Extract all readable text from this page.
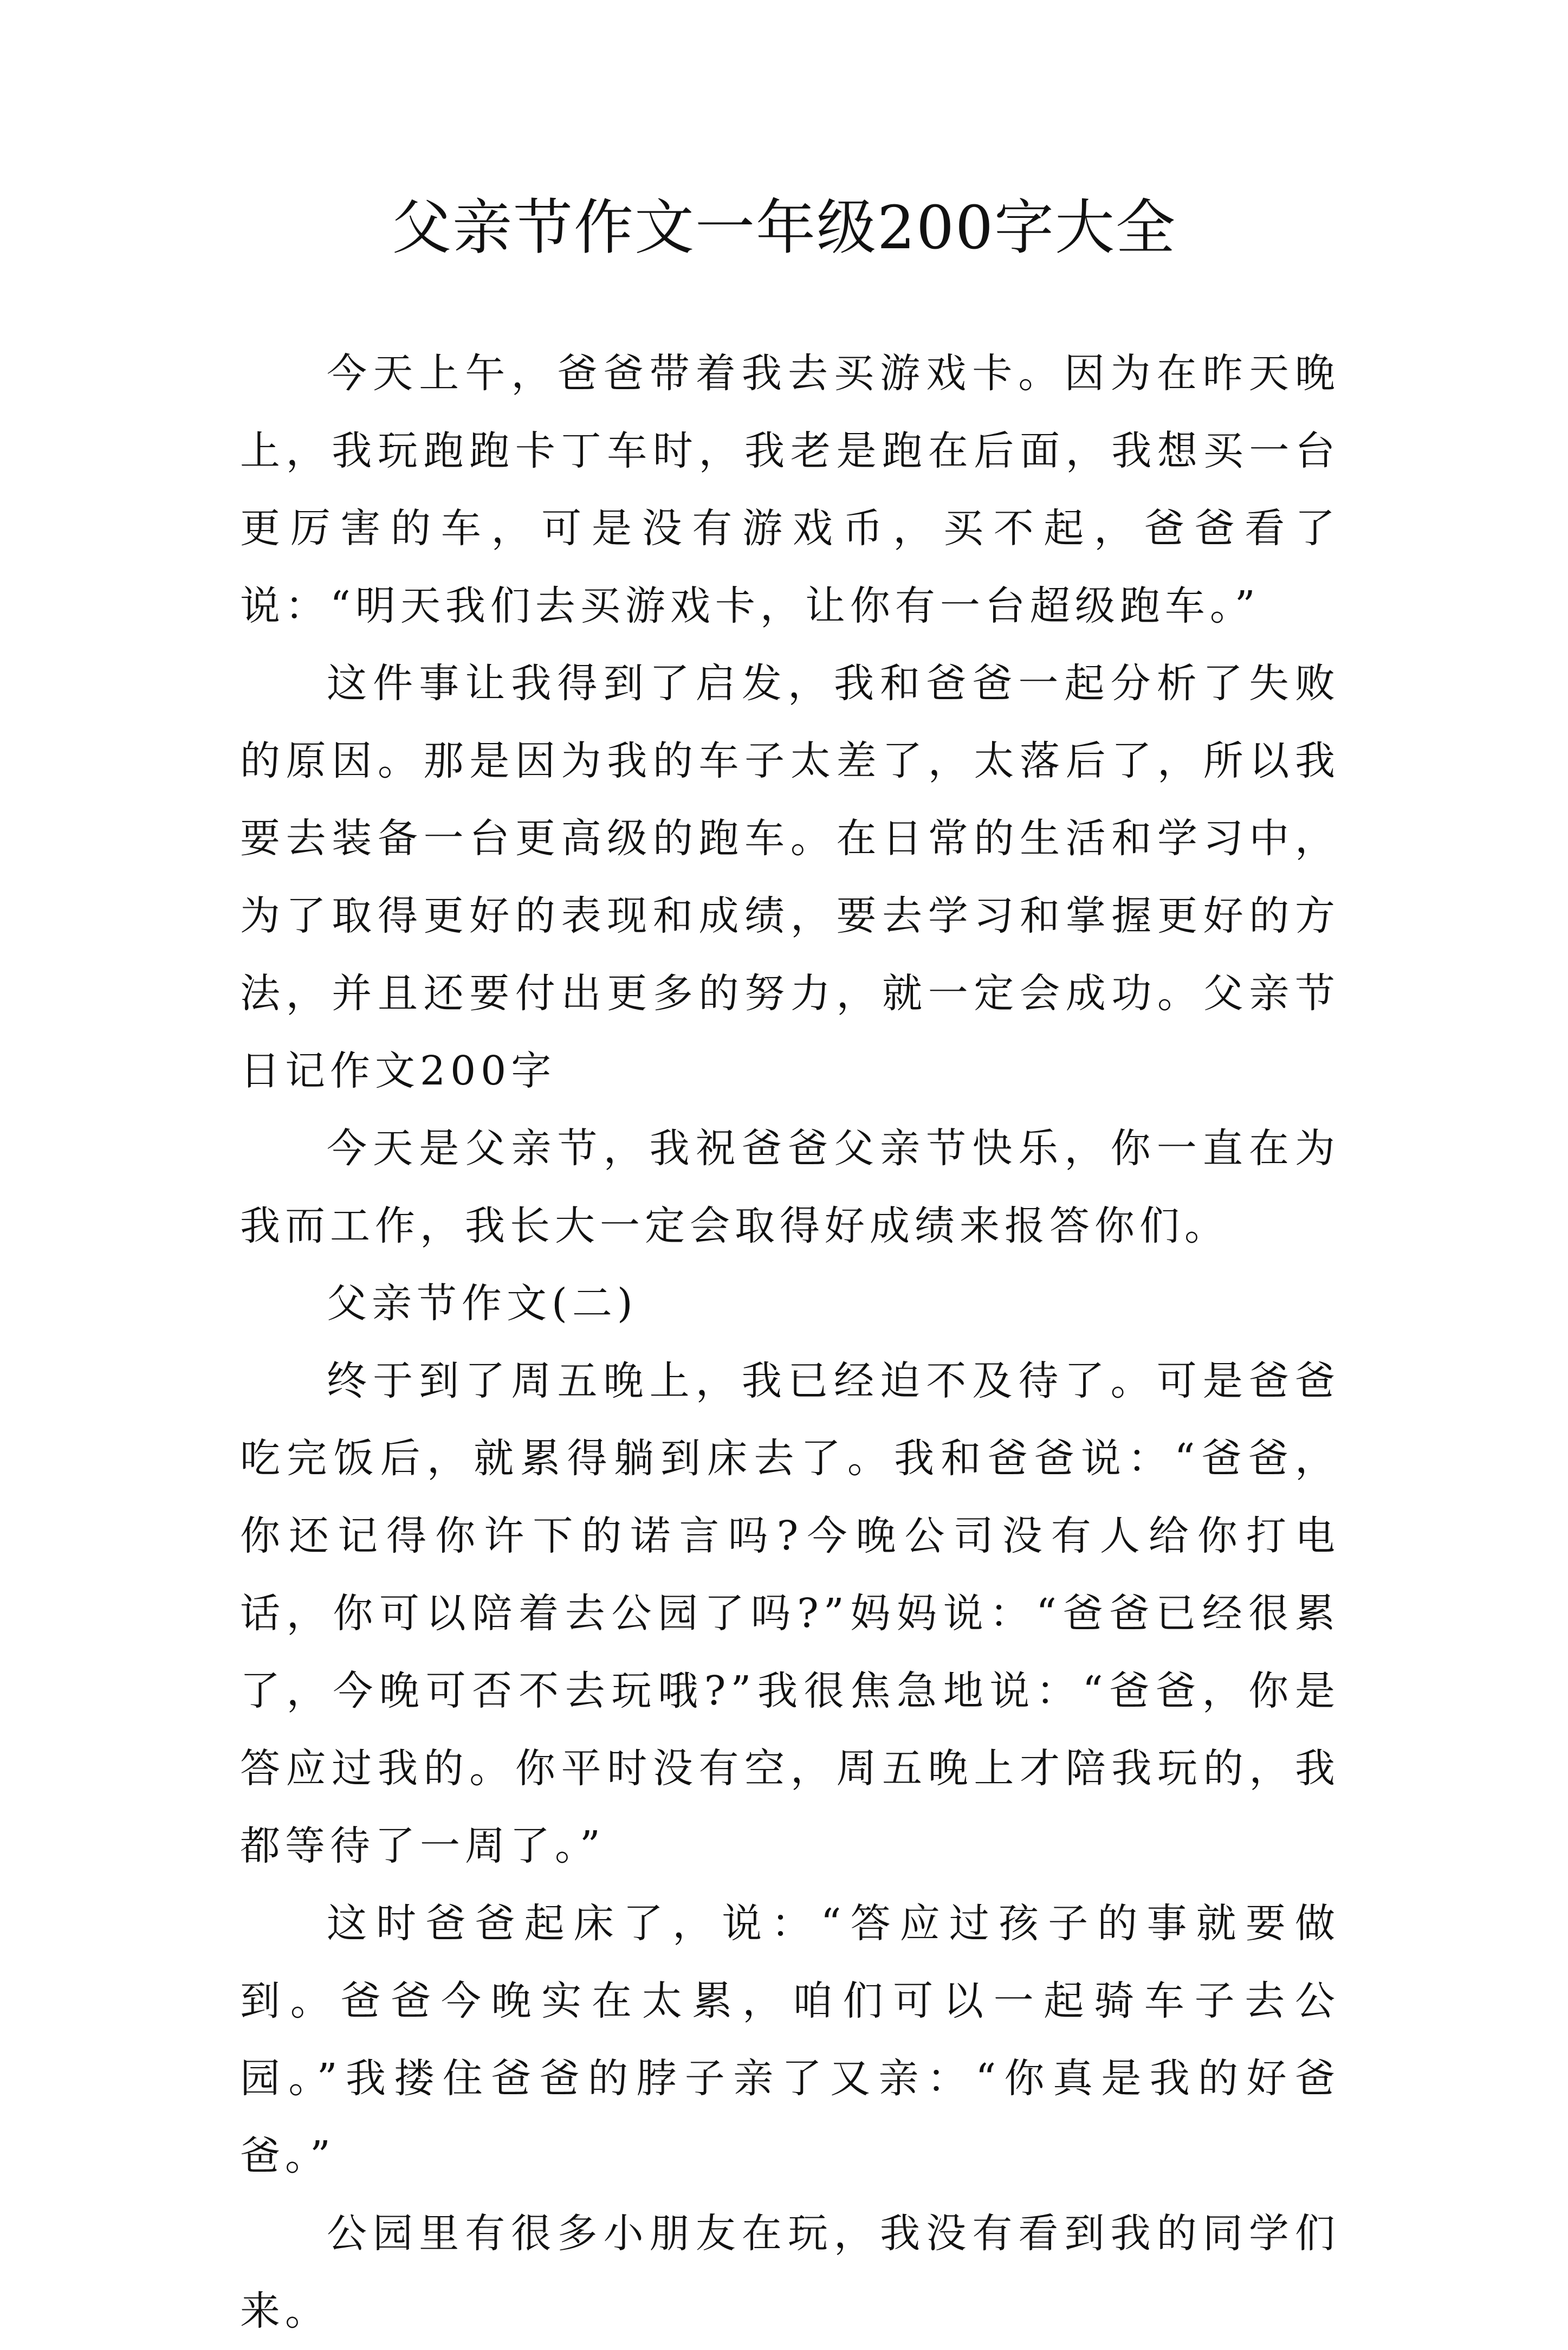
父亲节作文一年级200字大全

今天上午，爸爸带着我去买游戏卡。因为在昨天晚上，我玩跑跑卡丁车时，我老是跑在后面，我想买一台更厉害的车，可是没有游戏币，买不起，爸爸看了说：“明天我们去买游戏卡，让你有一台超级跑车。”

这件事让我得到了启发，我和爸爸一起分析了失败的原因。那是因为我的车子太差了，太落后了，所以我要去装备一台更高级的跑车。在日常的生活和学习中，为了取得更好的表现和成绩，要去学习和掌握更好的方法，并且还要付出更多的努力，就一定会成功。父亲节日记作文200字

今天是父亲节，我祝爸爸父亲节快乐，你一直在为我而工作，我长大一定会取得好成绩来报答你们。

父亲节作文(二)

终于到了周五晚上，我已经迫不及待了。可是爸爸吃完饭后，就累得躺到床去了。我和爸爸说：“爸爸，你还记得你许下的诺言吗?今晚公司没有人给你打电话，你可以陪着去公园了吗?”妈妈说：“爸爸已经很累了，今晚可否不去玩哦?”我很焦急地说：“爸爸，你是答应过我的。你平时没有空，周五晚上才陪我玩的，我都等待了一周了。”

这时爸爸起床了，说：“答应过孩子的事就要做到。爸爸今晚实在太累，咱们可以一起骑车子去公园。”我搂住爸爸的脖子亲了又亲：“你真是我的好爸爸。”

公园里有很多小朋友在玩，我没有看到我的同学们来。
